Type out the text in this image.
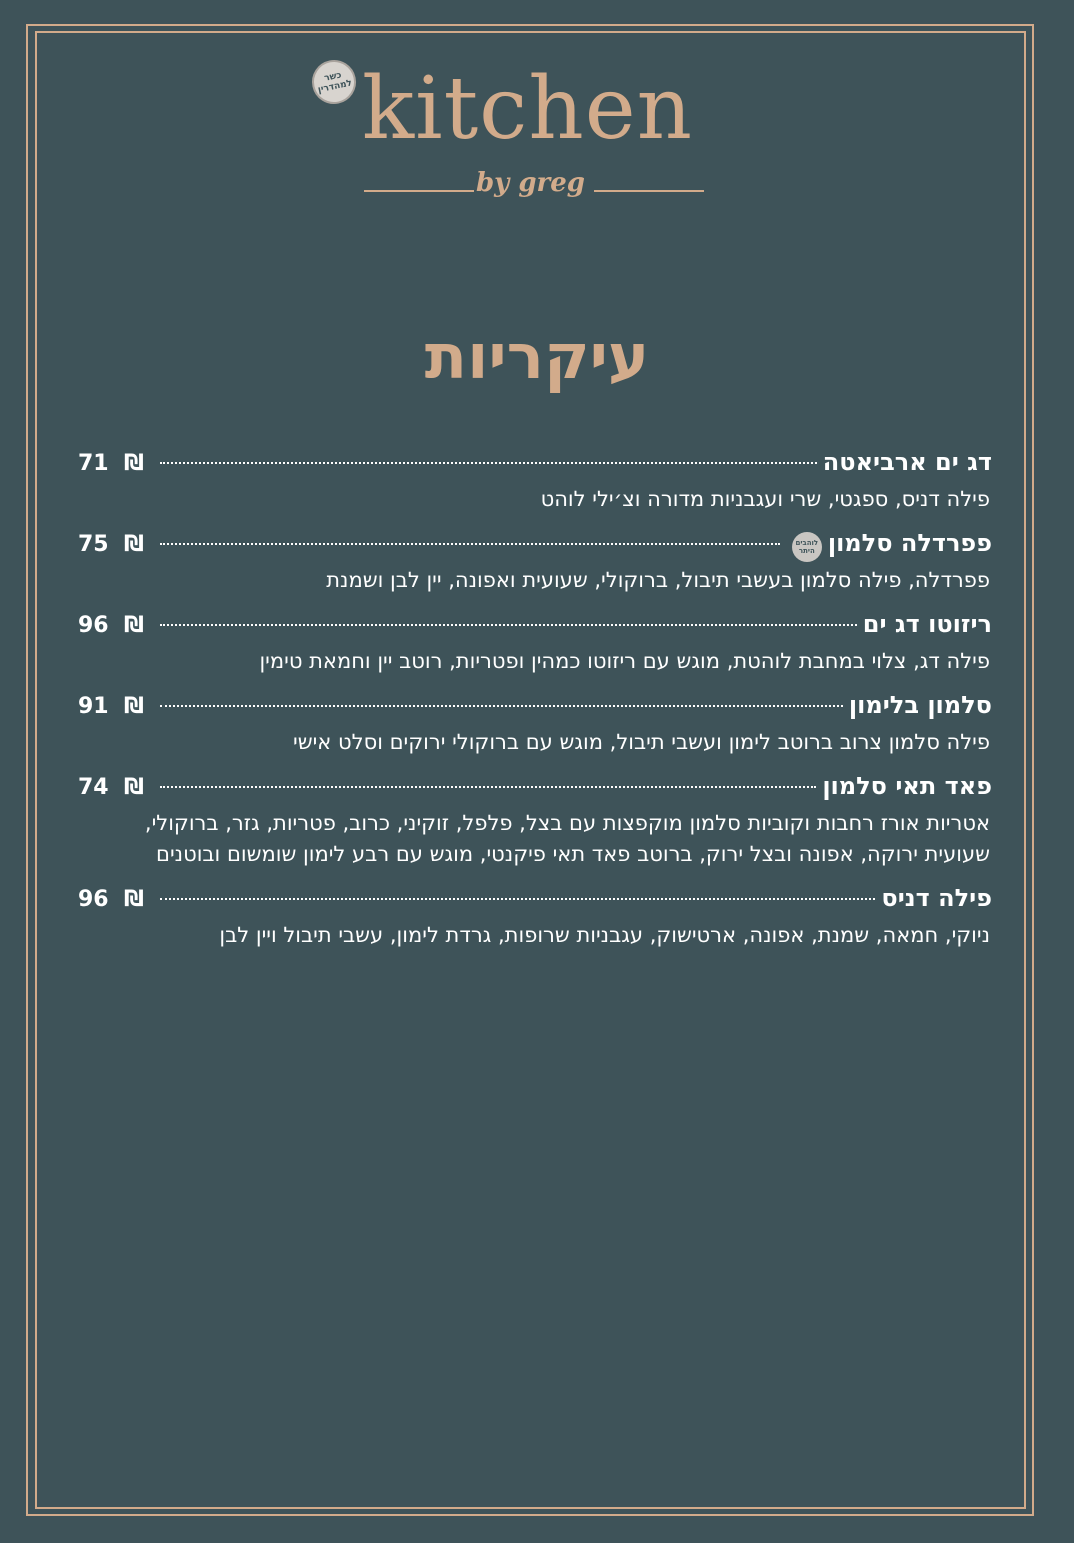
כשר למהדרין kitchen
by greg
עיקריות
דג ים ארביאטה
71 ₪
פילה דניס, ספגטי, שרי ועגבניות מדורה וצ׳ילי לוהט
פפרדלה סלמון
לוהבים היתר
75 ₪
פפרדלה, פילה סלמון בעשבי תיבול, ברוקולי, שעועית ואפונה, יין לבן ושמנת
ריזוטו דג ים
96 ₪
פילה דג, צלוי במחבת לוהטת, מוגש עם ריזוטו כמהין ופטריות, רוטב יין וחמאת טימין
סלמון בלימון
91 ₪
פילה סלמון צרוב ברוטב לימון ועשבי תיבול, מוגש עם ברוקולי ירוקים וסלט אישי
פאד תאי סלמון
74 ₪
אטריות אורז רחבות וקוביות סלמון מוקפצות עם בצל, פלפל, זוקיני, כרוב, פטריות, גזר, ברוקולי, שעועית ירוקה, אפונה ובצל ירוק, ברוטב פאד תאי פיקנטי, מוגש עם רבע לימון שומשום ובוטנים
פילה דניס
96 ₪
ניוקי, חמאה, שמנת, אפונה, ארטישוק, עגבניות שרופות, גרדת לימון, עשבי תיבול ויין לבן
